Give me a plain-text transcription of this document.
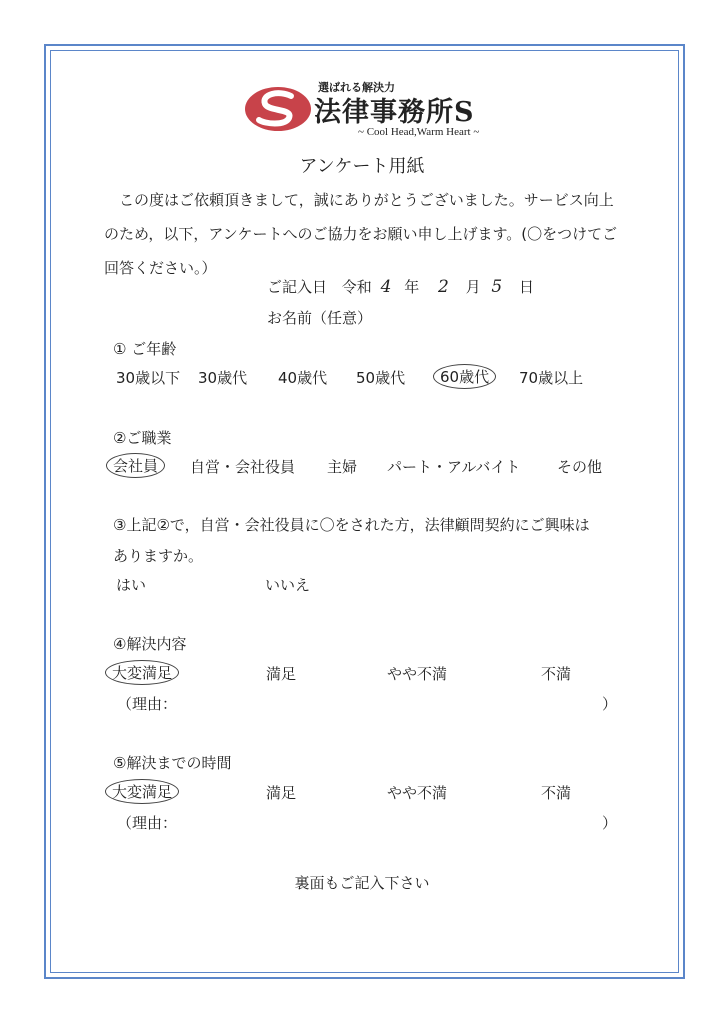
選ばれる解決力
法律事務所S
~ Cool Head,Warm Heart ~
アンケート用紙
この度はご依頼頂きまして，誠にありがとうございました。サービス向上のため，以下，アンケートへのご協力をお願い申し上げます。(〇をつけてご回答ください。）
ご記入日 令和 4 年 2 月 5 日
お名前（任意）
① ご年齢
30歳以下 30歳代 40歳代 50歳代 60歳代 70歳以上
②ご職業
会社員 自営・会社役員 主婦 パート・アルバイト その他
③上記②で，自営・会社役員に〇をされた方，法律顧問契約にご興味は
ありますか。
はい	いいえ
④解決内容
大変満足	満足	やや不満	不満
（理由：	）
⑤解決までの時間
大変満足	満足	やや不満	不満
（理由：	）
裏面もご記入下さい
